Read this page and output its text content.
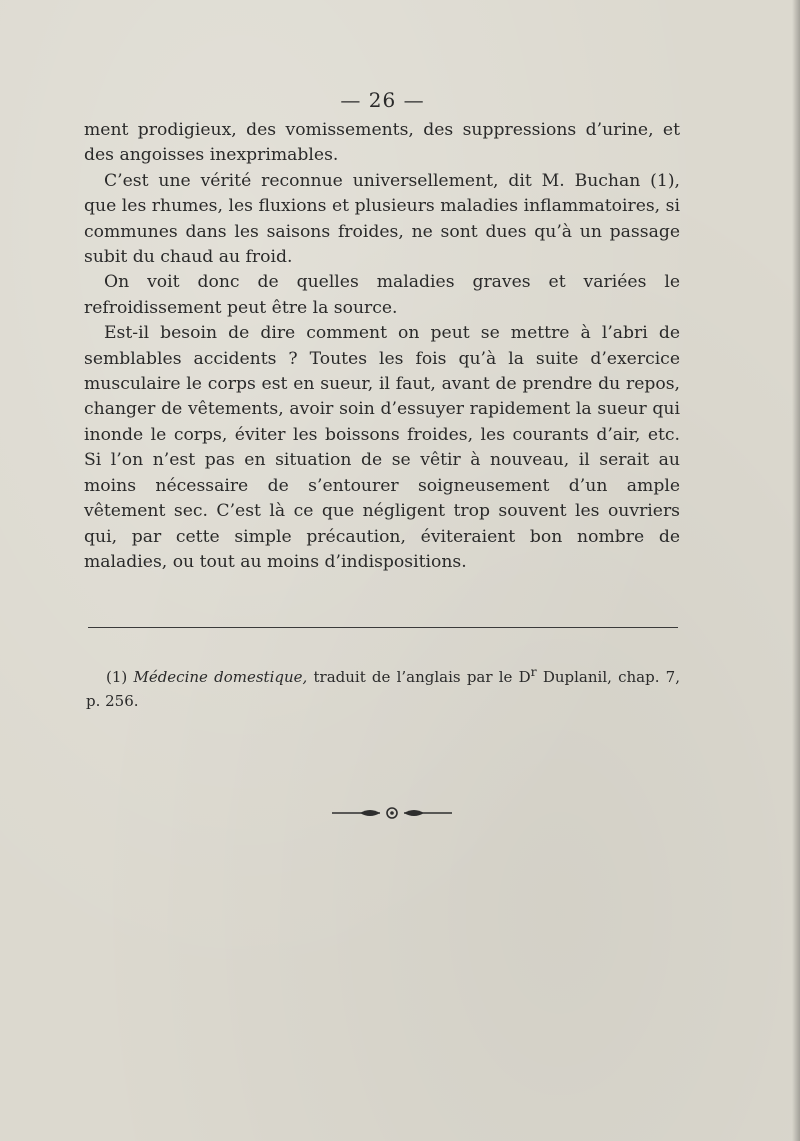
— 26 —

ment prodigieux, des vomissements, des suppressions d’urine, et des angoisses inexprimables.

C’est une vérité reconnue universellement, dit M. Buchan (1), que les rhumes, les fluxions et plusieurs maladies inflammatoires, si communes dans les saisons froides, ne sont dues qu’à un passage subit du chaud au froid.

On voit donc de quelles maladies graves et variées le refroidissement peut être la source.

Est-il besoin de dire comment on peut se mettre à l’abri de semblables accidents ? Toutes les fois qu’à la suite d’exercice musculaire le corps est en sueur, il faut, avant de prendre du repos, changer de vêtements, avoir soin d’essuyer rapidement la sueur qui inonde le corps, éviter les boissons froides, les courants d’air, etc. Si l’on n’est pas en situation de se vêtir à nouveau, il serait au moins nécessaire de s’entourer soigneusement d’un ample vêtement sec. C’est là ce que négligent trop souvent les ouvriers qui, par cette simple précaution, éviteraient bon nombre de maladies, ou tout au moins d’indispositions.

(1) Médecine domestique, traduit de l’anglais par le $D^r$ Duplanil, chap. 7, p. 256.
